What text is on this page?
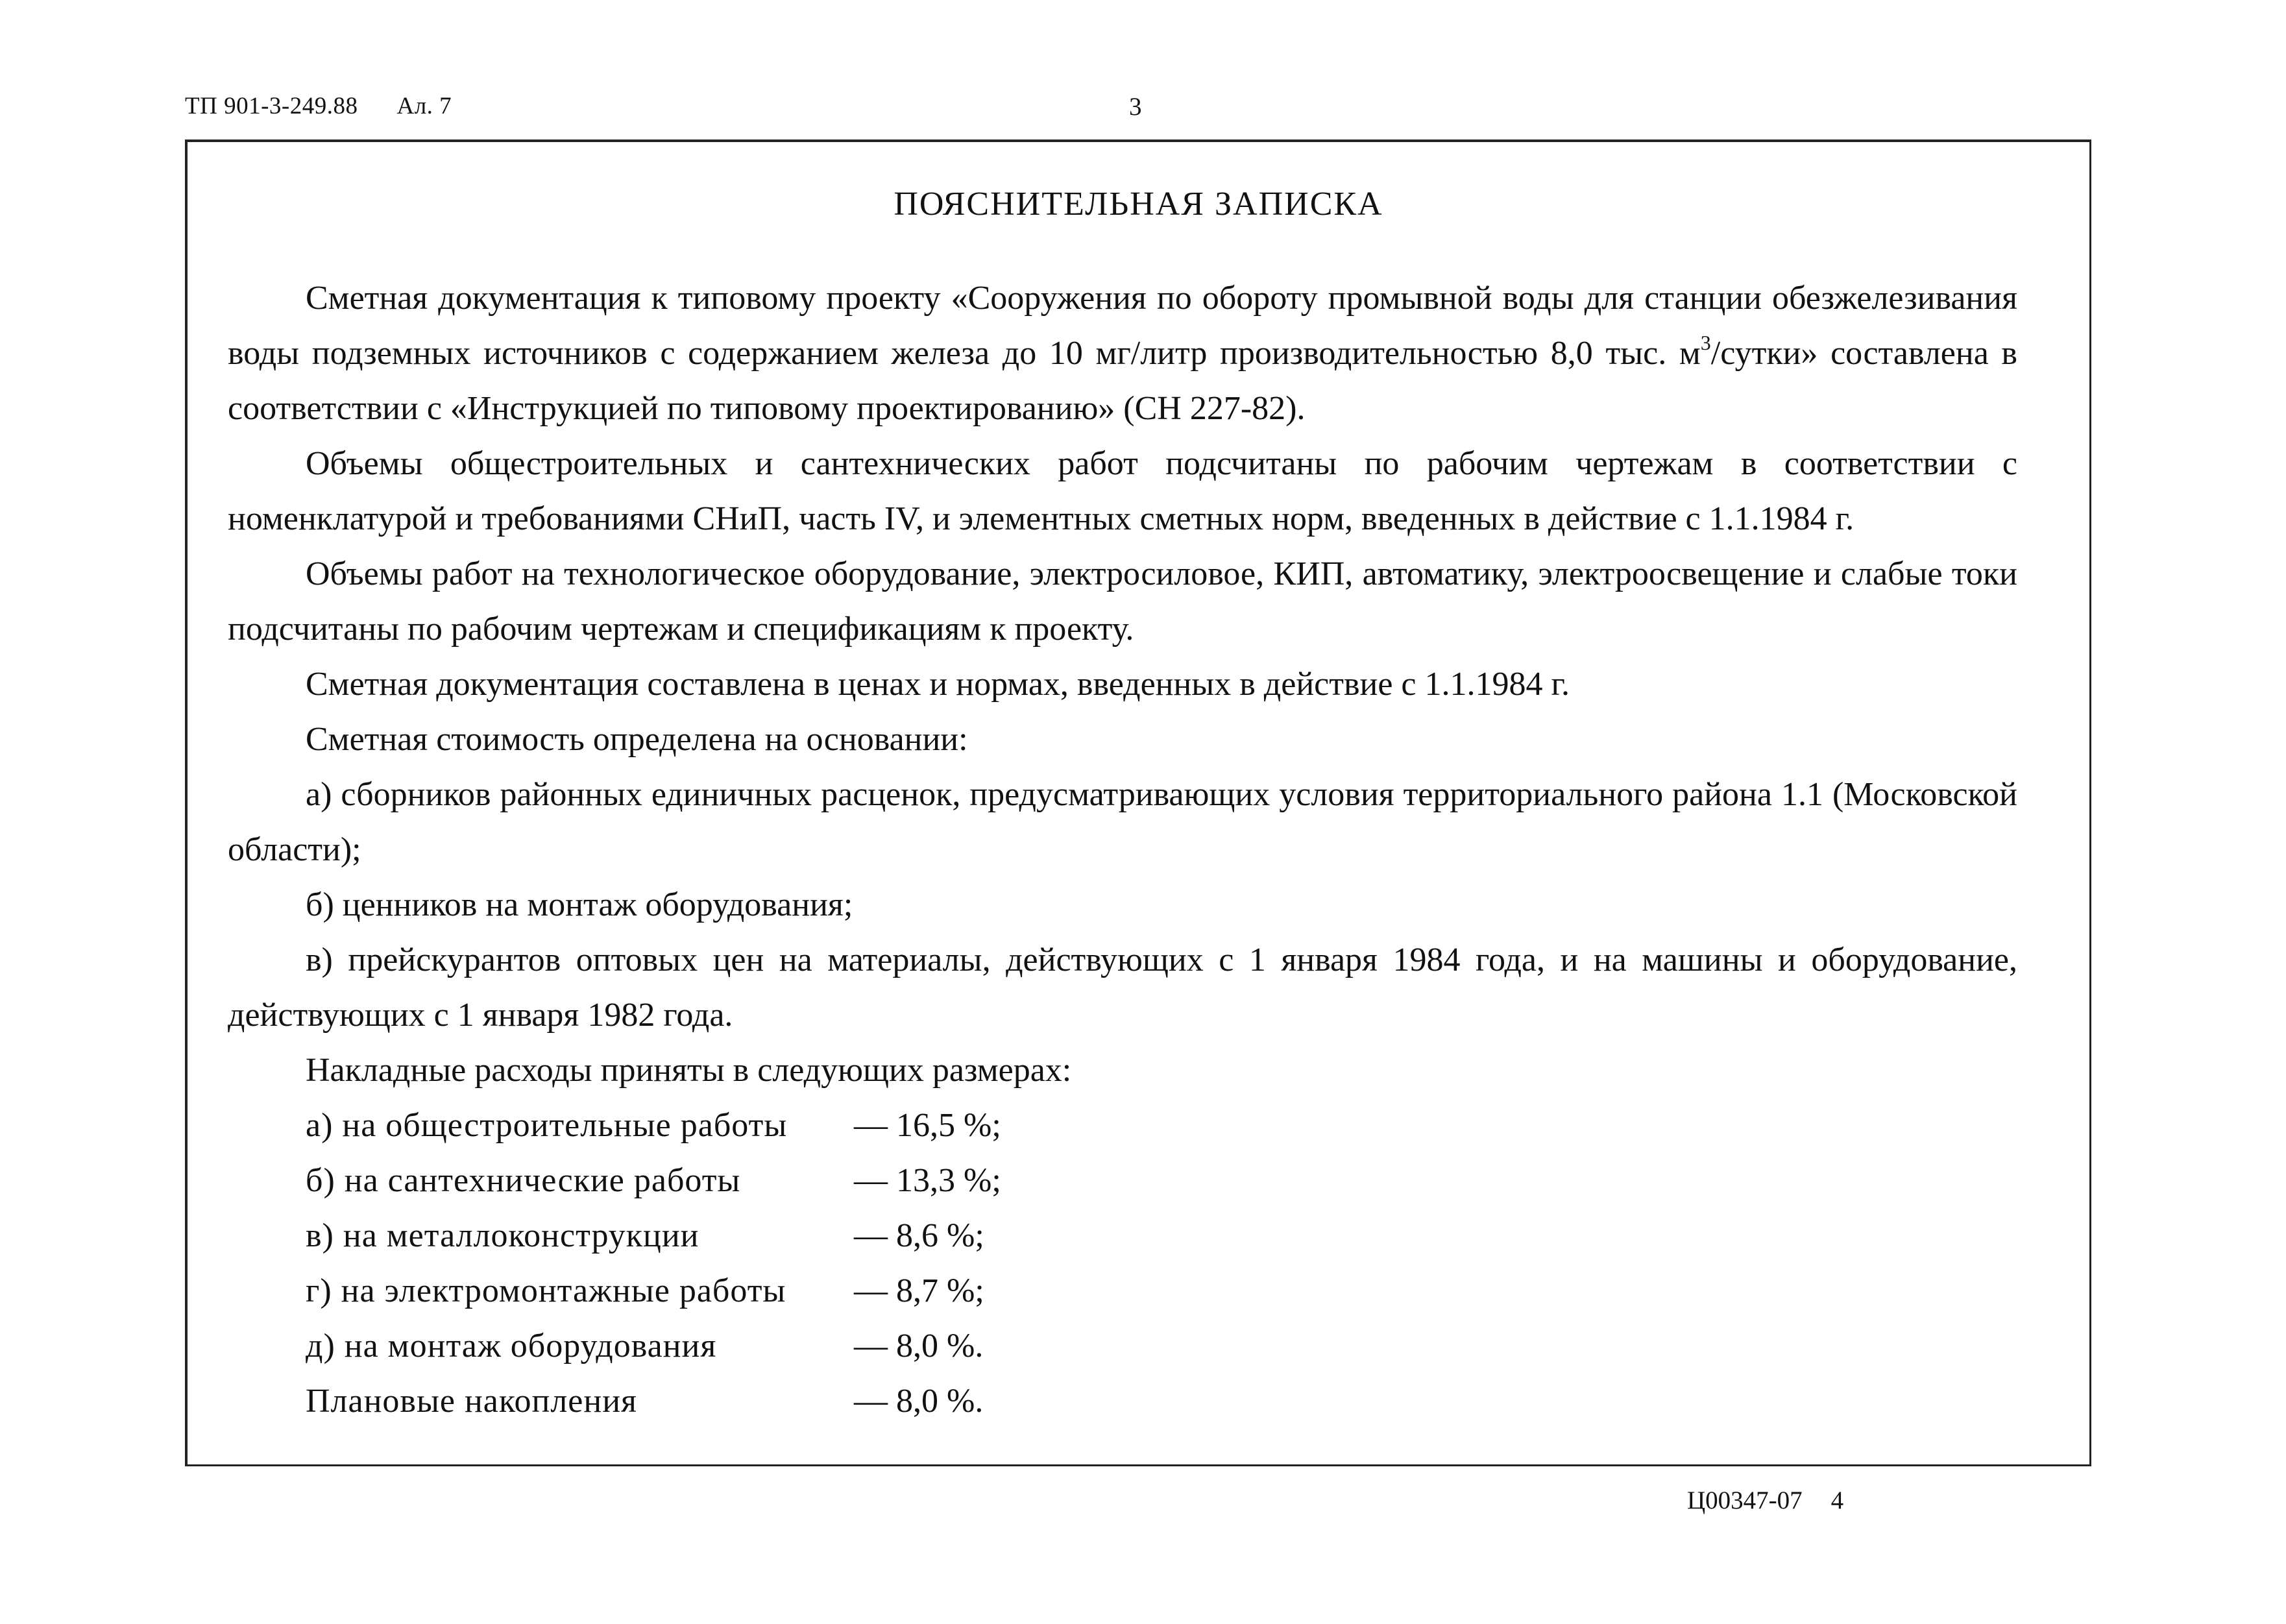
ТП 901-3-249.88 Ал. 7	3
ПОЯСНИТЕЛЬНАЯ ЗАПИСКА

Сметная документация к типовому проекту «Сооружения по обороту промывной воды для станции обезжелезивания воды подземных источников с содержанием железа до 10 мг/литр производительностью 8,0 тыс. $м^3$/сутки» составлена в соответствии с «Инструкцией по типовому проектированию» (СН 227-82).

Объемы общестроительных и сантехнических работ подсчитаны по рабочим чертежам в соответствии с номенклатурой и требованиями СНиП, часть IV, и элементных сметных норм, введенных в действие с 1.1.1984 г.

Объемы работ на технологическое оборудование, электросиловое, КИП, автоматику, электроосвещение и слабые токи подсчитаны по рабочим чертежам и спецификациям к проекту.

Сметная документация составлена в ценах и нормах, введенных в действие с 1.1.1984 г.

Сметная стоимость определена на основании:

а) сборников районных единичных расценок, предусматривающих условия территориального района 1.1 (Московской области);

б) ценников на монтаж оборудования;

в) прейскурантов оптовых цен на материалы, действующих с 1 января 1984 года, и на машины и оборудование, действующих с 1 января 1982 года.

Накладные расходы приняты в следующих размерах:

а) на общестроительные работы	— 16,5 %;
б) на сантехнические работы	— 13,3 %;
в) на металлоконструкции	— 8,6 %;
г) на электромонтажные работы	— 8,7 %;
д) на монтаж оборудования	— 8,0 %.
Плановые накопления	— 8,0 %.
Ц00347-07 4
